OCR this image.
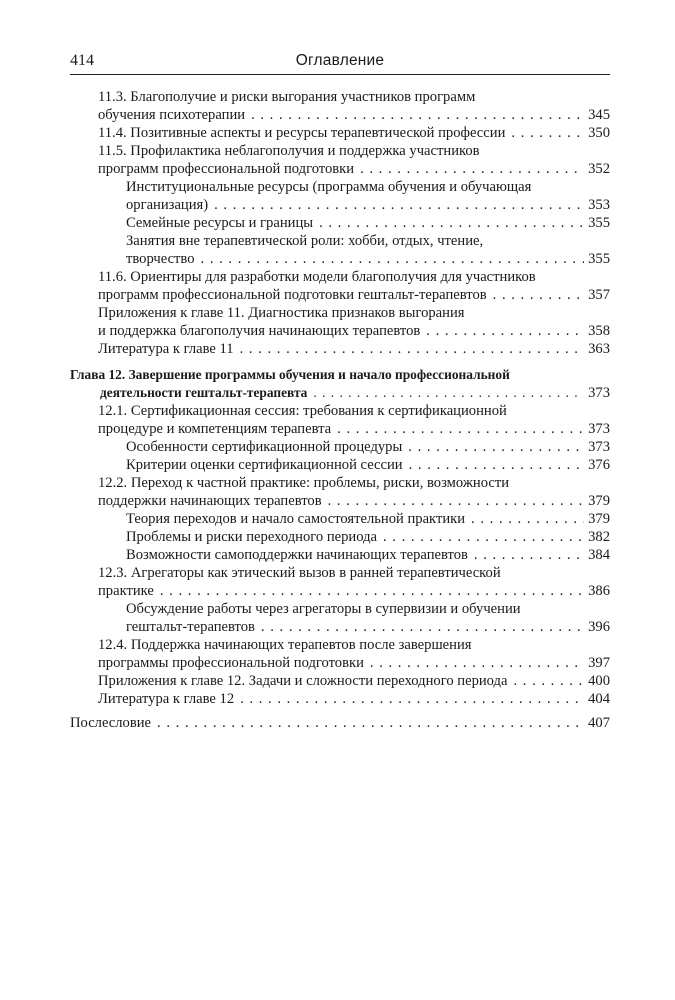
414	Оглавление
11.3. Благополучие и риски выгорания участников программ
обучения психотерапии . . .	345
11.4. Позитивные аспекты и ресурсы терапевтической профессии . . .	350
11.5. Профилактика неблагополучия и поддержка участников
программ профессиональной подготовки . . .	352
Институциональные ресурсы (программа обучения и обучающая
организация) . . .	353
Семейные ресурсы и границы . . .	355
Занятия вне терапевтической роли: хобби, отдых, чтение,
творчество . . .	355
11.6. Ориентиры для разработки модели благополучия для участников
программ профессиональной подготовки гештальт-терапевтов . . .	357
Приложения к главе 11. Диагностика признаков выгорания
и поддержка благополучия начинающих терапевтов . . .	358
Литература к главе 11 . . .	363
Глава 12. Завершение программы обучения и начало профессиональной
деятельности гештальт-терапевта . . .	373
12.1. Сертификационная сессия: требования к сертификационной
процедуре и компетенциям терапевта . . .	373
Особенности сертификационной процедуры . . .	373
Критерии оценки сертификационной сессии . . .	376
12.2. Переход к частной практике: проблемы, риски, возможности
поддержки начинающих терапевтов . . .	379
Теория переходов и начало самостоятельной практики . . .	379
Проблемы и риски переходного периода . . .	382
Возможности самоподдержки начинающих терапевтов . . .	384
12.3. Агрегаторы как этический вызов в ранней терапевтической
практике . . .	386
Обсуждение работы через агрегаторы в супервизии и обучении
гештальт-терапевтов . . .	396
12.4. Поддержка начинающих терапевтов после завершения
программы профессиональной подготовки . . .	397
Приложения к главе 12. Задачи и сложности переходного периода . . .	400
Литература к главе 12 . . .	404
Послесловие . . .	407
